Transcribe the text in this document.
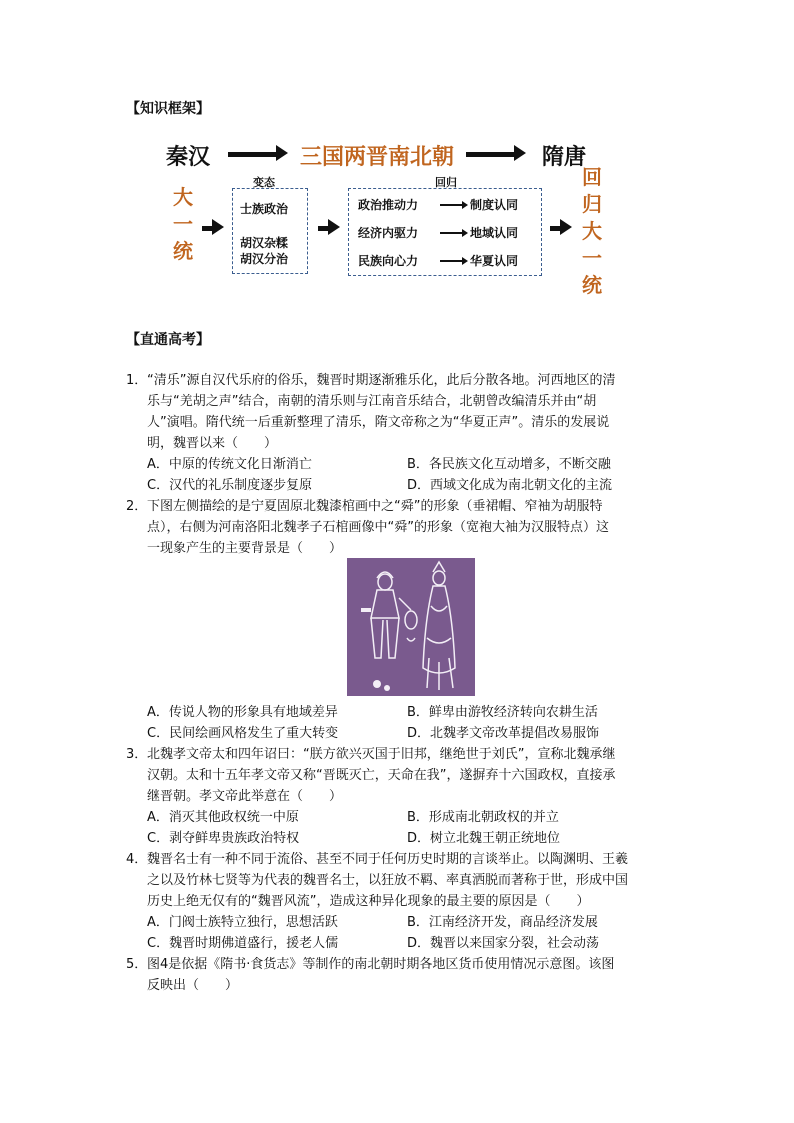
【知识框架】
秦汉	三国两晋南北朝	隋唐
大
一
统
变态
士族政治
胡汉杂糅
胡汉分治
回归
政治推动力	制度认同
经济内驱力	地域认同
民族向心力	华夏认同
回
归
大
一
统
【直通高考】
1． “清乐”源自汉代乐府的俗乐，魏晋时期逐渐雅乐化，此后分散各地。河西地区的清
乐与“羌胡之声”结合，南朝的清乐则与江南音乐结合，北朝曾改编清乐并由“胡
人”演唱。隋代统一后重新整理了清乐，隋文帝称之为“华夏正声”。清乐的发展说
明，魏晋以来（　　）
A．中原的传统文化日渐消亡	B．各民族文化互动增多，不断交融
C．汉代的礼乐制度逐步复原	D．西域文化成为南北朝文化的主流
2． 下图左侧描绘的是宁夏固原北魏漆棺画中之“舜”的形象（垂裙帽、窄袖为胡服特
点），右侧为河南洛阳北魏孝子石棺画像中“舜”的形象（宽袍大袖为汉服特点）这
一现象产生的主要背景是（　　）
A．传说人物的形象具有地域差异	B．鲜卑由游牧经济转向农耕生活
C．民间绘画风格发生了重大转变	D．北魏孝文帝改革提倡改易服饰
3． 北魏孝文帝太和四年诏曰：“朕方欲兴灭国于旧邦，继绝世于刘氏”，宣称北魏承继
汉朝。太和十五年孝文帝又称“晋既灭亡，天命在我”，遂摒弃十六国政权，直接承
继晋朝。孝文帝此举意在（　　）
A．消灭其他政权统一中原	B．形成南北朝政权的并立
C．剥夺鲜卑贵族政治特权	D．树立北魏王朝正统地位
4． 魏晋名士有一种不同于流俗、甚至不同于任何历史时期的言谈举止。以陶渊明、王羲
之以及竹林七贤等为代表的魏晋名士，以狂放不羁、率真洒脱而著称于世，形成中国
历史上绝无仅有的“魏晋风流”，造成这种异化现象的最主要的原因是（　　）
A．门阀士族特立独行，思想活跃	B．江南经济开发，商品经济发展
C．魏晋时期佛道盛行，援老人儒	D．魏晋以来国家分裂，社会动荡
5． 图4是依据《隋书·食货志》等制作的南北朝时期各地区货币使用情况示意图。该图
反映出（　　）
